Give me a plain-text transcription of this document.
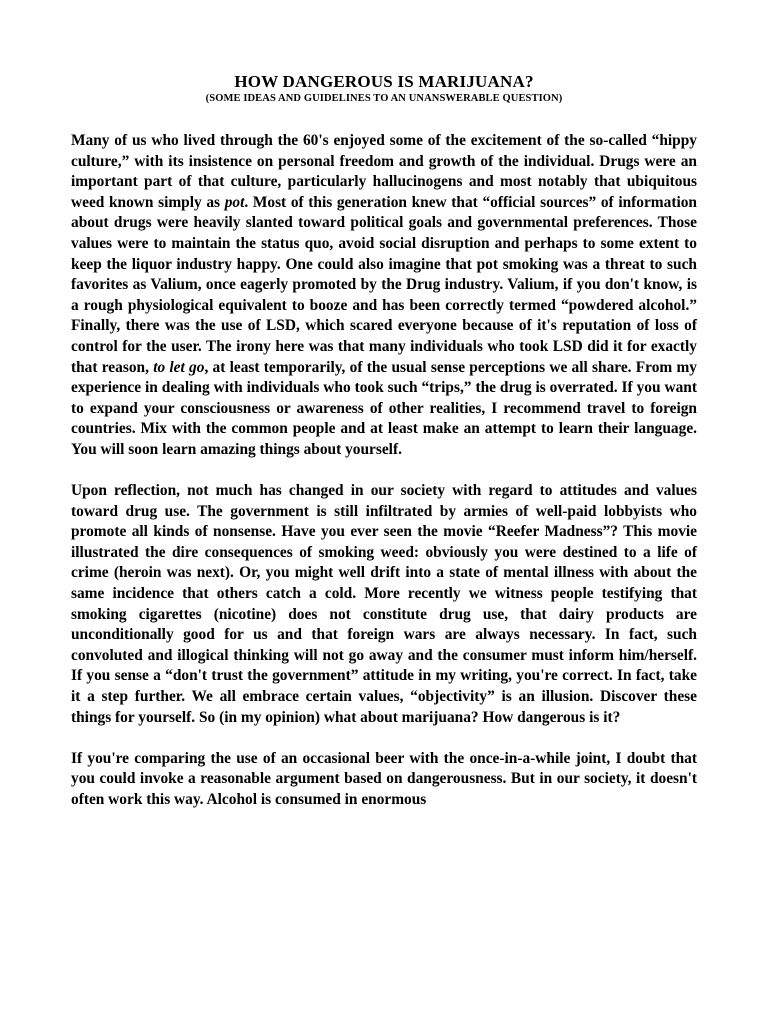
HOW DANGEROUS IS MARIJUANA?
(SOME IDEAS AND GUIDELINES TO AN UNANSWERABLE QUESTION)

Many of us who lived through the 60's enjoyed some of the excitement of the so-called “hippy culture,” with its insistence on personal freedom and growth of the individual. Drugs were an important part of that culture, particularly hallucinogens and most notably that ubiquitous weed known simply as pot. Most of this generation knew that “official sources” of information about drugs were heavily slanted toward political goals and governmental preferences. Those values were to maintain the status quo, avoid social disruption and perhaps to some extent to keep the liquor industry happy. One could also imagine that pot smoking was a threat to such favorites as Valium, once eagerly promoted by the Drug industry. Valium, if you don't know, is a rough physiological equivalent to booze and has been correctly termed “powdered alcohol.” Finally, there was the use of LSD, which scared everyone because of it's reputation of loss of control for the user. The irony here was that many individuals who took LSD did it for exactly that reason, to let go, at least temporarily, of the usual sense perceptions we all share. From my experience in dealing with individuals who took such “trips,” the drug is overrated. If you want to expand your consciousness or awareness of other realities, I recommend travel to foreign countries. Mix with the common people and at least make an attempt to learn their language. You will soon learn amazing things about yourself.

Upon reflection, not much has changed in our society with regard to attitudes and values toward drug use. The government is still infiltrated by armies of well-paid lobbyists who promote all kinds of nonsense. Have you ever seen the movie “Reefer Madness”? This movie illustrated the dire consequences of smoking weed: obviously you were destined to a life of crime (heroin was next). Or, you might well drift into a state of mental illness with about the same incidence that others catch a cold. More recently we witness people testifying that smoking cigarettes (nicotine) does not constitute drug use, that dairy products are unconditionally good for us and that foreign wars are always necessary. In fact, such convoluted and illogical thinking will not go away and the consumer must inform him/herself. If you sense a “don't trust the government” attitude in my writing, you're correct. In fact, take it a step further. We all embrace certain values, “objectivity” is an illusion. Discover these things for yourself. So (in my opinion) what about marijuana? How dangerous is it?

If you're comparing the use of an occasional beer with the once-in-a-while joint, I doubt that you could invoke a reasonable argument based on dangerousness. But in our society, it doesn't often work this way. Alcohol is consumed in enormous
